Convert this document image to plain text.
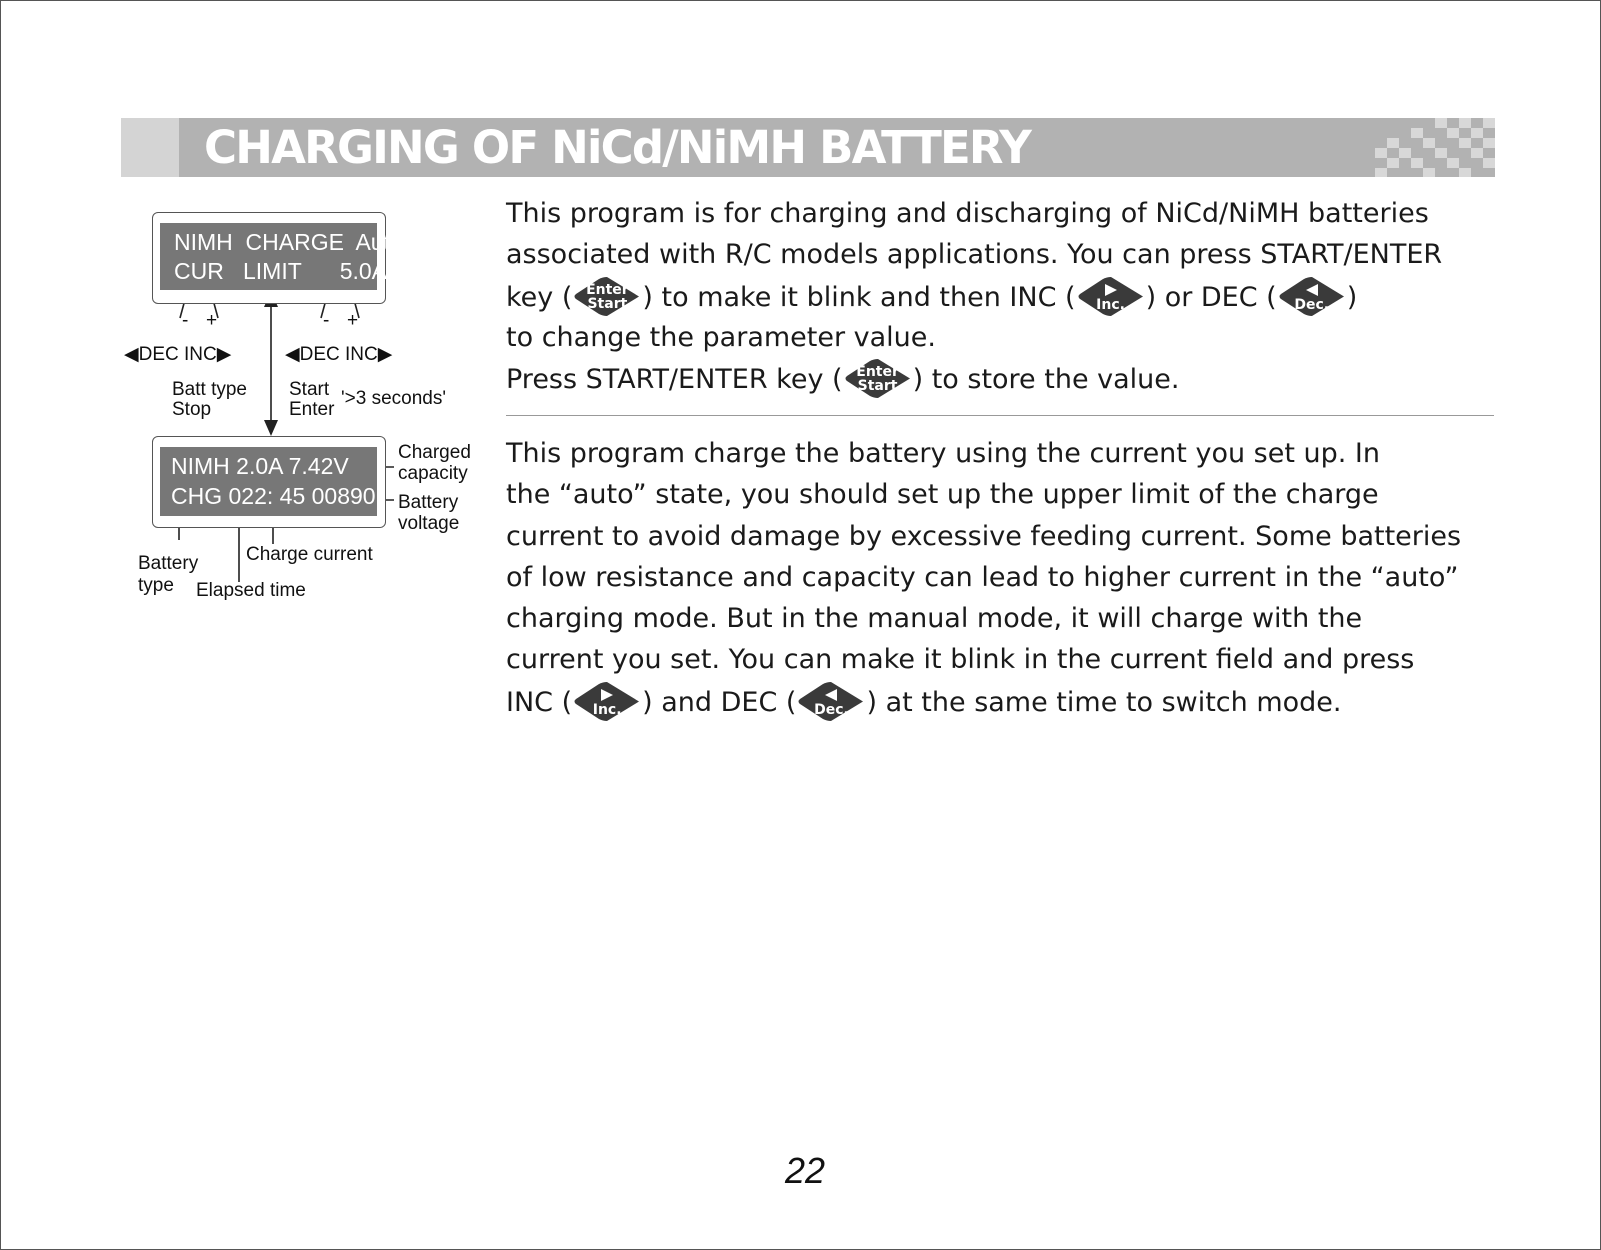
CHARGING OF NiCd/NiMH BATTERY

NIMH  CHARGE  Aut

CUR   LIMIT      5.0A

NIMH 2.0A 7.42V

CHG 022: 45 00890

- +	- +
◀DEC INC▶	◀DEC INC▶
Batt type
Stop
Start
Enter
'>3 seconds'
Charged
capacity
Battery
voltage
Charge current
Battery
type Elapsed time
This program is for charging and discharging of NiCd/NiMH batteries
associated with R/C models applications. You can press START/ENTER
key ( Enter
Start ) to make it blink and then INC (	Inc. ) or DEC (	Dec. )
to change the parameter value.
Press START/ENTER key ( Enter
Start ) to store the value.
This program charge the battery using the current you set up. In
the “auto” state, you should set up the upper limit of the charge
current to avoid damage by excessive feeding current. Some batteries
of low resistance and capacity can lead to higher current in the “auto”
charging mode. But in the manual mode, it will charge with the
current you set. You can make it blink in the current field and press
INC (	Inc. ) and DEC (	Dec. ) at the same time to switch mode.
22
